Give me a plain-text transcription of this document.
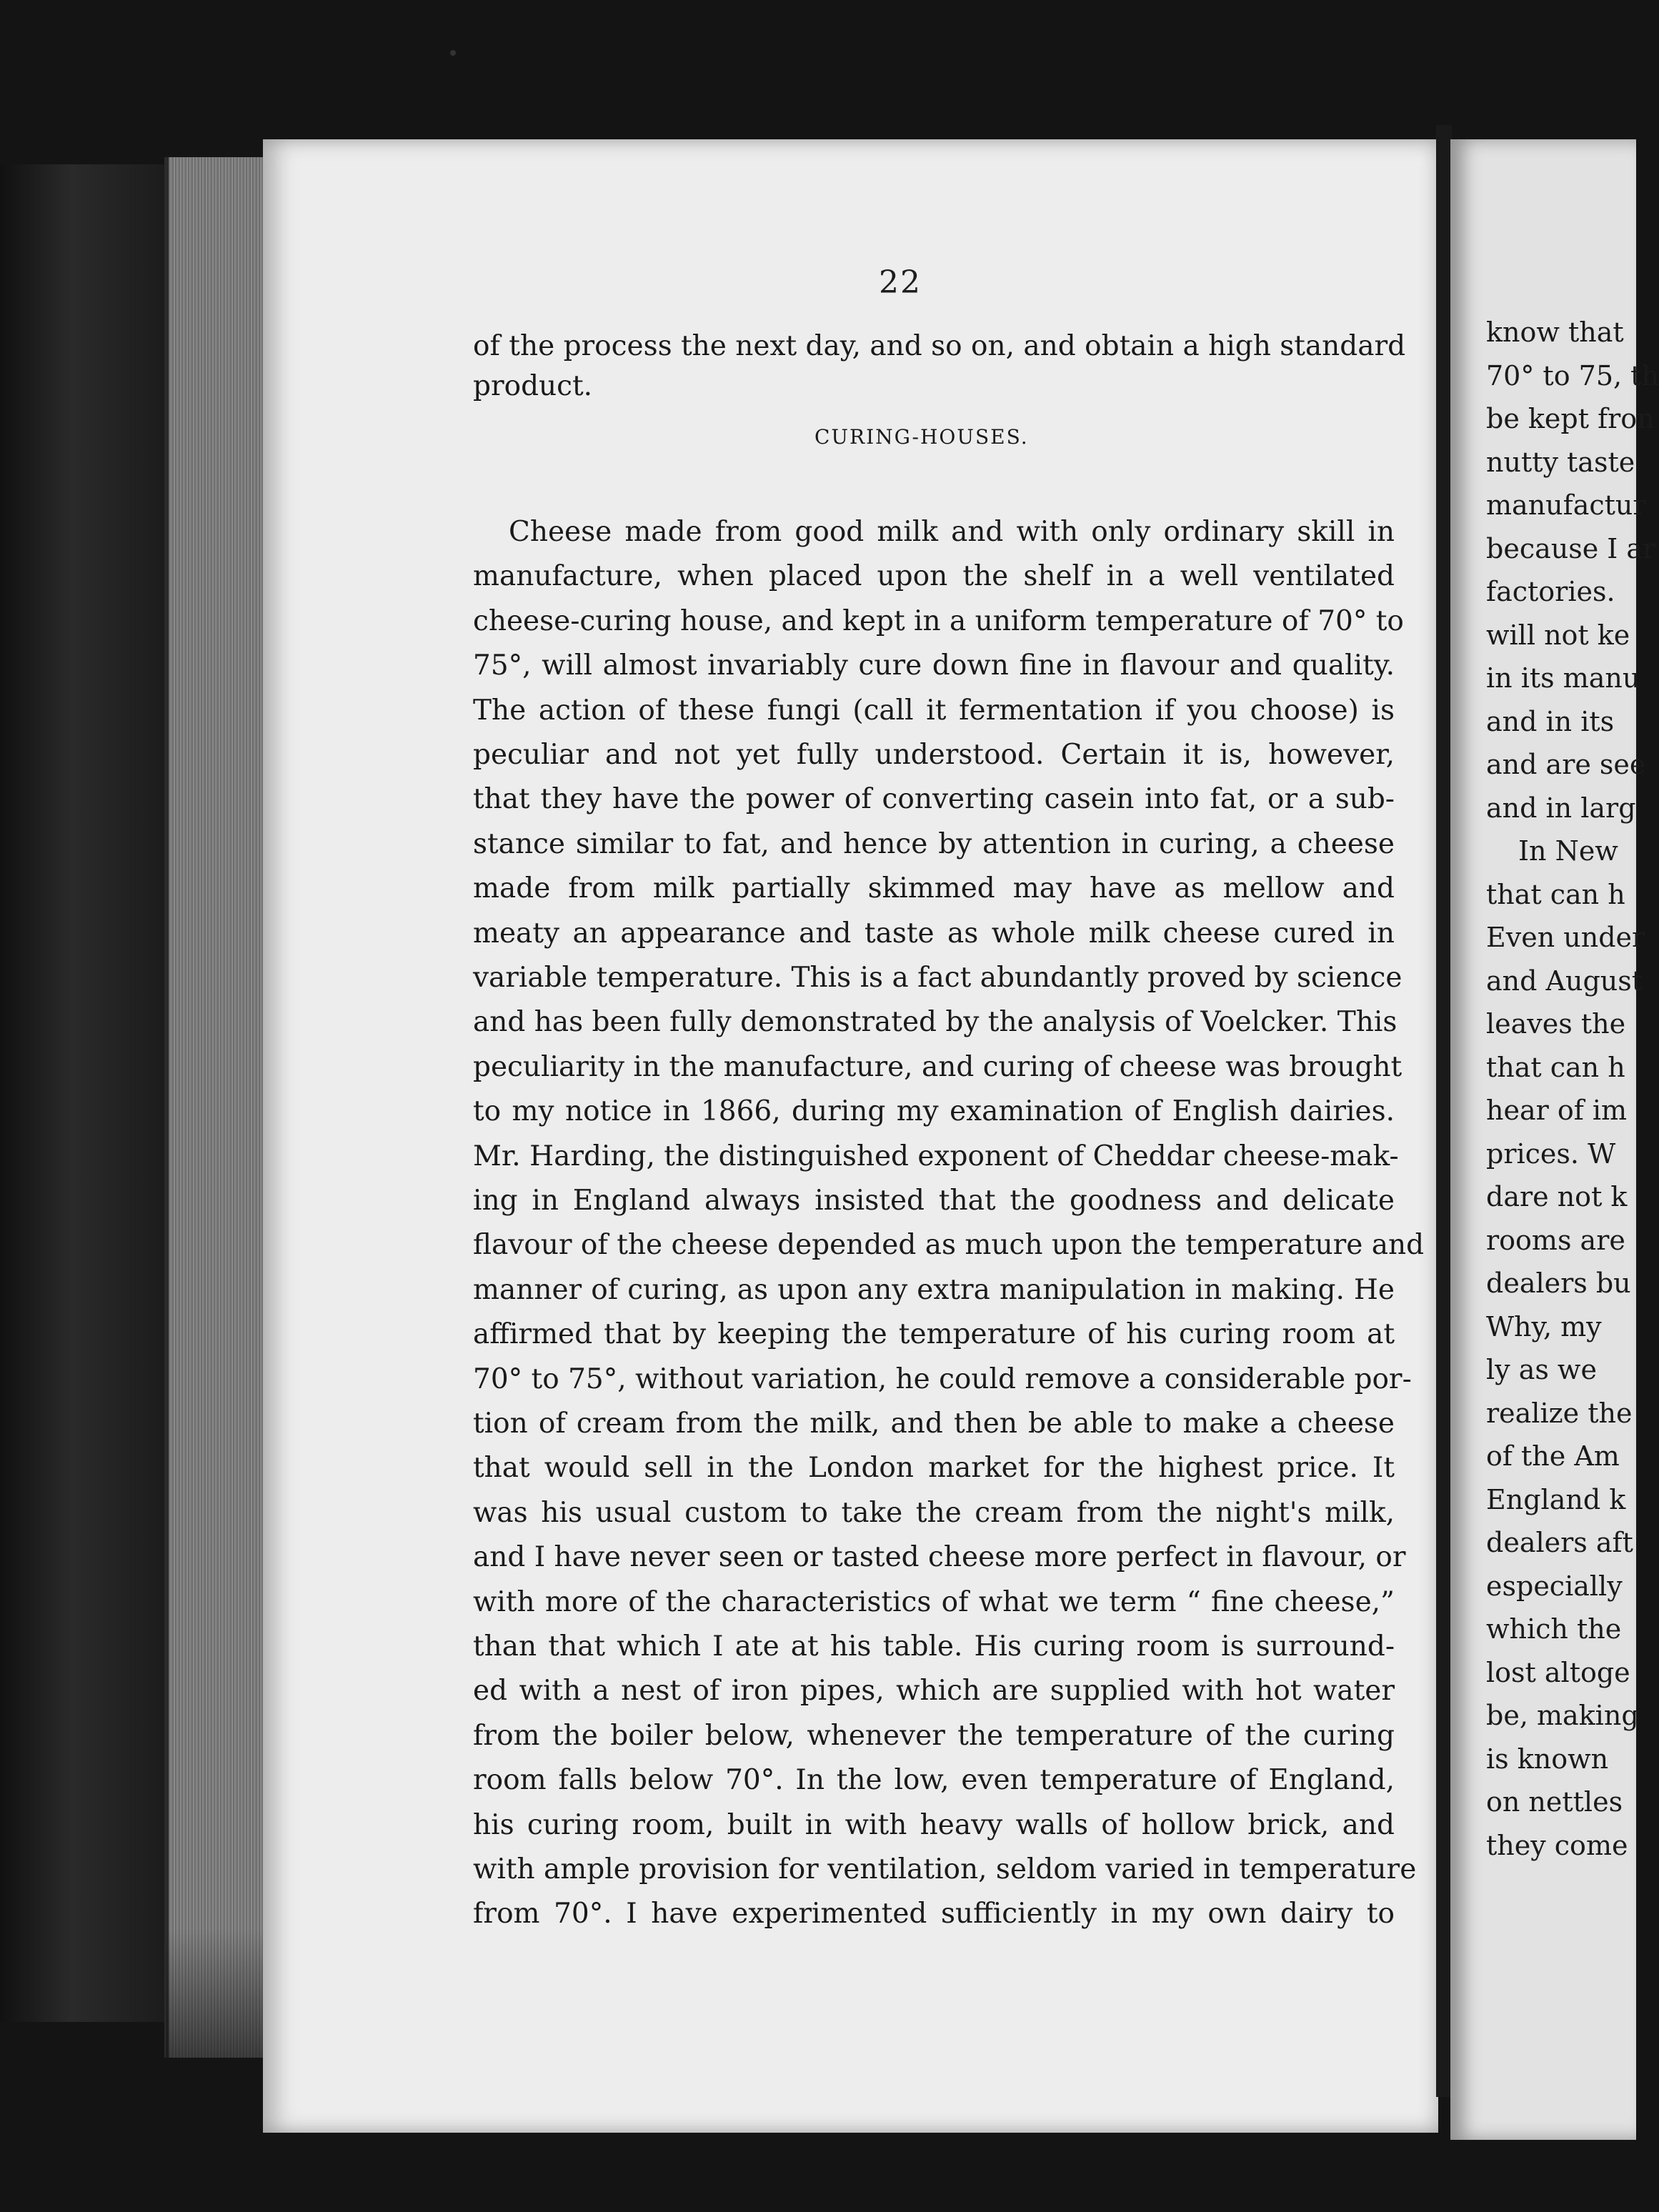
22
CURING-HOUSES.
of the process the next day, and so on, and obtain a high standard
product.
Cheese made from good milk and with only ordinary skill in
manufacture, when placed upon the shelf in a well ventilated
cheese-curing house, and kept in a uniform temperature of 70° to
75°, will almost invariably cure down fine in flavour and quality.
The action of these fungi (call it fermentation if you choose) is
peculiar and not yet fully understood. Certain it is, however,
that they have the power of converting casein into fat, or a sub-
stance similar to fat, and hence by attention in curing, a cheese
made from milk partially skimmed may have as mellow and
meaty an appearance and taste as whole milk cheese cured in
variable temperature. This is a fact abundantly proved by science
and has been fully demonstrated by the analysis of Voelcker. This
peculiarity in the manufacture, and curing of cheese was brought
to my notice in 1866, during my examination of English dairies.
Mr. Harding, the distinguished exponent of Cheddar cheese-mak-
ing in England always insisted that the goodness and delicate
flavour of the cheese depended as much upon the temperature and
manner of curing, as upon any extra manipulation in making. He
affirmed that by keeping the temperature of his curing room at
70° to 75°, without variation, he could remove a considerable por-
tion of cream from the milk, and then be able to make a cheese
that would sell in the London market for the highest price. It
was his usual custom to take the cream from the night's milk,
and I have never seen or tasted cheese more perfect in flavour, or
with more of the characteristics of what we term “ fine cheese,”
than that which I ate at his table. His curing room is surround-
ed with a nest of iron pipes, which are supplied with hot water
from the boiler below, whenever the temperature of the curing
room falls below 70°. In the low, even temperature of England,
his curing room, built in with heavy walls of hollow brick, and
with ample provision for ventilation, seldom varied in temperature
from 70°. I have experimented sufficiently in my own dairy to
know that
70° to 75, th
be kept fron
nutty taste
manufactur
because I ar
factories.
will not ke
in its manu
and in its
and are see
and in larg
In New
that can h
Even under
and August
leaves the
that can h
hear of im
prices. W
dare not k
rooms are
dealers bu
Why, my
ly as we
realize the
of the Am
England k
dealers aft
especially
which the
lost altoge
be, making
is known
on nettles
they come
